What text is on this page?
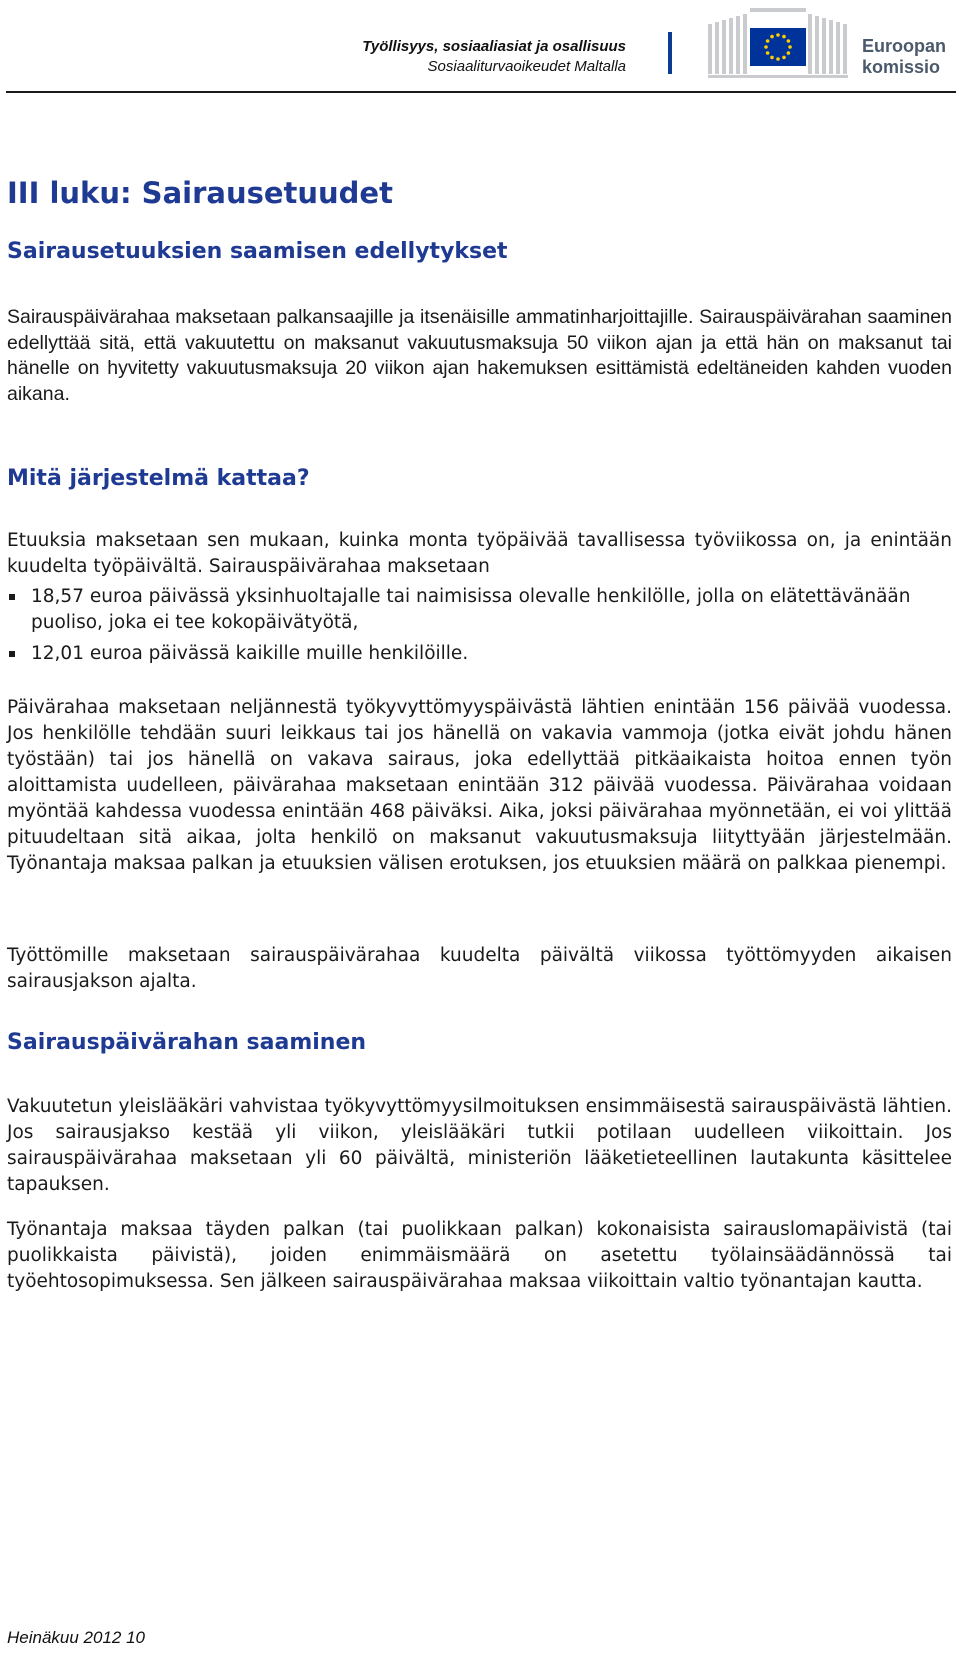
Työllisyys, sosiaaliasiat ja osallisuus
Sosiaaliturvaoikeudet Maltalla
Euroopan
komissio
III luku: Sairausetuudet
Sairausetuuksien saamisen edellytykset

Sairauspäivärahaa maksetaan palkansaajille ja itsenäisille ammatinharjoittajille. Sairauspäivärahan saaminen edellyttää sitä, että vakuutettu on maksanut vakuutusmaksuja 50 viikon ajan ja että hän on maksanut tai hänelle on hyvitetty vakuutusmaksuja 20 viikon ajan hakemuksen esittämistä edeltäneiden kahden vuoden aikana.

Mitä järjestelmä kattaa?

Etuuksia maksetaan sen mukaan, kuinka monta työpäivää tavallisessa työviikossa on, ja enintään kuudelta työpäivältä. Sairauspäivärahaa maksetaan

18,57 euroa päivässä yksinhuoltajalle tai naimisissa olevalle henkilölle, jolla on elätettävänään puoliso, joka ei tee kokopäivätyötä,
12,01 euroa päivässä kaikille muille henkilöille.

Päivärahaa maksetaan neljännestä työkyvyttömyyspäivästä lähtien enintään 156 päivää vuodessa. Jos henkilölle tehdään suuri leikkaus tai jos hänellä on vakavia vammoja (jotka eivät johdu hänen työstään) tai jos hänellä on vakava sairaus, joka edellyttää pitkäaikaista hoitoa ennen työn aloittamista uudelleen, päivärahaa maksetaan enintään 312 päivää vuodessa. Päivärahaa voidaan myöntää kahdessa vuodessa enintään 468 päiväksi. Aika, joksi päivärahaa myönnetään, ei voi ylittää pituudeltaan sitä aikaa, jolta henkilö on maksanut vakuutusmaksuja liityttyään järjestelmään. Työnantaja maksaa palkan ja etuuksien välisen erotuksen, jos etuuksien määrä on palkkaa pienempi.

Työttömille maksetaan sairauspäivärahaa kuudelta päivältä viikossa työttömyyden aikaisen sairausjakson ajalta.

Sairauspäivärahan saaminen

Vakuutetun yleislääkäri vahvistaa työkyvyttömyysilmoituksen ensimmäisestä sairauspäivästä lähtien. Jos sairausjakso kestää yli viikon, yleislääkäri tutkii potilaan uudelleen viikoittain. Jos sairauspäivärahaa maksetaan yli 60 päivältä, ministeriön lääketieteellinen lautakunta käsittelee tapauksen.

Työnantaja maksaa täyden palkan (tai puolikkaan palkan) kokonaisista sairauslomapäivistä (tai puolikkaista päivistä), joiden enimmäismäärä on asetettu työlainsäädännössä tai työehtosopimuksessa. Sen jälkeen sairauspäivärahaa maksaa viikoittain valtio työnantajan kautta.

Heinäkuu 2012 10
